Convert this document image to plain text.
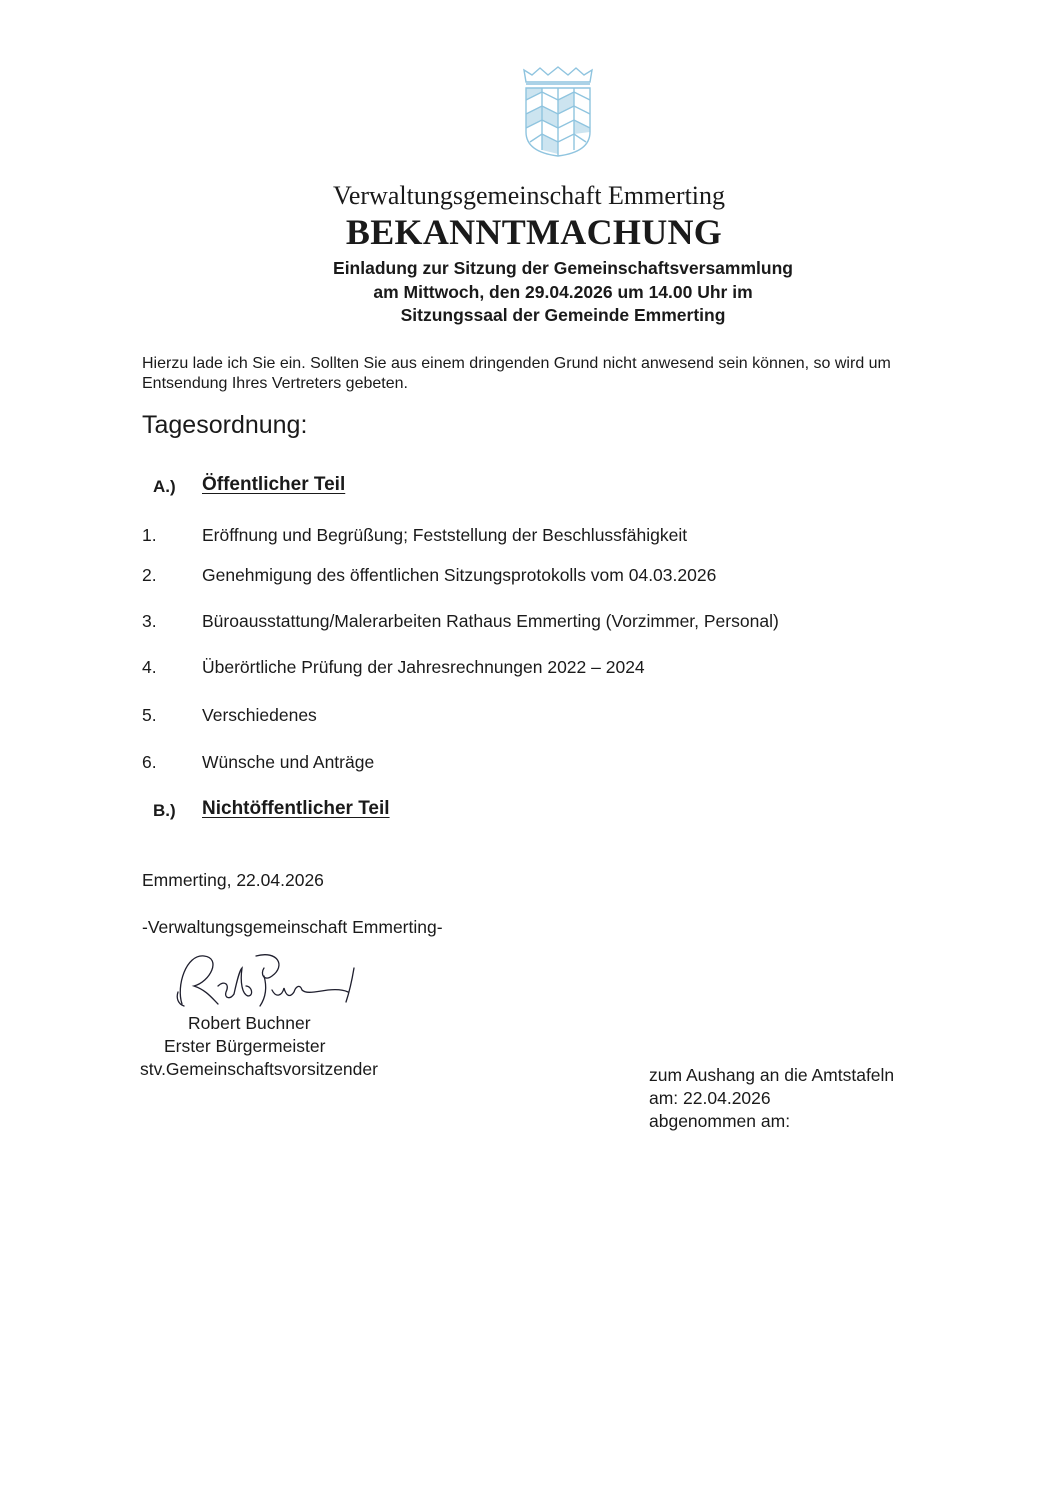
Verwaltungsgemeinschaft Emmerting
BEKANNTMACHUNG
Einladung zur Sitzung der Gemeinschaftsversammlung
am Mittwoch, den 29.04.2026 um 14.00 Uhr im
Sitzungssaal der Gemeinde Emmerting
Hierzu lade ich Sie ein. Sollten Sie aus einem dringenden Grund nicht anwesend sein können, so wird um Entsendung Ihres Vertreters gebeten.
Tagesordnung:
A.) Öffentlicher Teil
1.	Eröffnung und Begrüßung; Feststellung der Beschlussfähigkeit
2.	Genehmigung des öffentlichen Sitzungsprotokolls vom 04.03.2026
3.	Büroausstattung/Malerarbeiten Rathaus Emmerting (Vorzimmer, Personal)
4.	Überörtliche Prüfung der Jahresrechnungen 2022 – 2024
5.	Verschiedenes
6.	Wünsche und Anträge
B.) Nichtöffentlicher Teil
Emmerting, 22.04.2026
-Verwaltungsgemeinschaft Emmerting-
Robert Buchner
Erster Bürgermeister
stv.Gemeinschaftsvorsitzender	zum Aushang an die Amtstafeln
am: 22.04.2026
abgenommen am:
